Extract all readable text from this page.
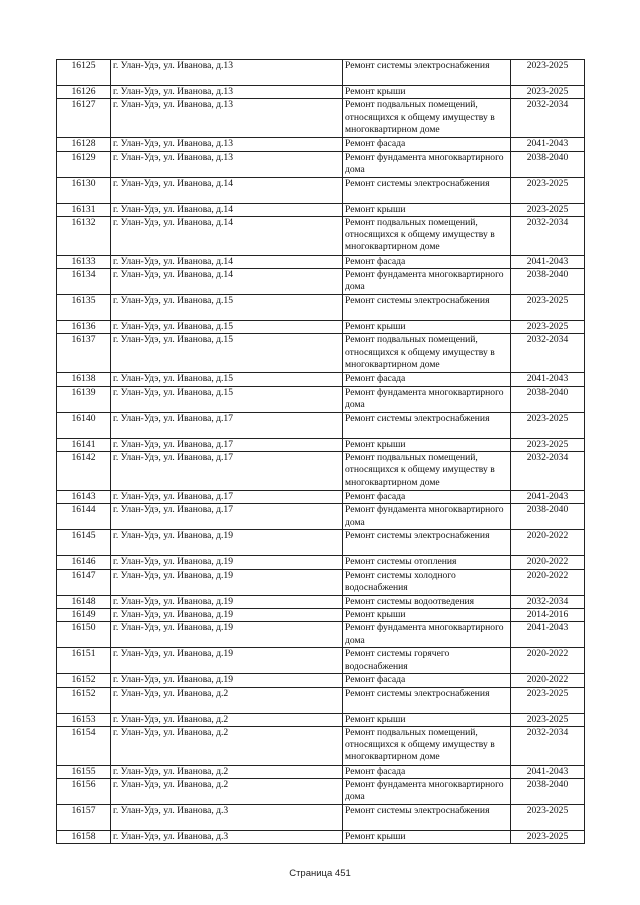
16125	г. Улан-Удэ, ул. Иванова, д.13	Ремонт системы электроснабжения	2023-2025
16126	г. Улан-Удэ, ул. Иванова, д.13	Ремонт крыши	2023-2025
16127	г. Улан-Удэ, ул. Иванова, д.13	Ремонт подвальных помещений, относящихся к общему имуществу в многоквартирном доме	2032-2034
16128	г. Улан-Удэ, ул. Иванова, д.13	Ремонт фасада	2041-2043
16129	г. Улан-Удэ, ул. Иванова, д.13	Ремонт фундамента многоквартирного дома	2038-2040
16130	г. Улан-Удэ, ул. Иванова, д.14	Ремонт системы электроснабжения	2023-2025
16131	г. Улан-Удэ, ул. Иванова, д.14	Ремонт крыши	2023-2025
16132	г. Улан-Удэ, ул. Иванова, д.14	Ремонт подвальных помещений, относящихся к общему имуществу в многоквартирном доме	2032-2034
16133	г. Улан-Удэ, ул. Иванова, д.14	Ремонт фасада	2041-2043
16134	г. Улан-Удэ, ул. Иванова, д.14	Ремонт фундамента многоквартирного дома	2038-2040
16135	г. Улан-Удэ, ул. Иванова, д.15	Ремонт системы электроснабжения	2023-2025
16136	г. Улан-Удэ, ул. Иванова, д.15	Ремонт крыши	2023-2025
16137	г. Улан-Удэ, ул. Иванова, д.15	Ремонт подвальных помещений, относящихся к общему имуществу в многоквартирном доме	2032-2034
16138	г. Улан-Удэ, ул. Иванова, д.15	Ремонт фасада	2041-2043
16139	г. Улан-Удэ, ул. Иванова, д.15	Ремонт фундамента многоквартирного дома	2038-2040
16140	г. Улан-Удэ, ул. Иванова, д.17	Ремонт системы электроснабжения	2023-2025
16141	г. Улан-Удэ, ул. Иванова, д.17	Ремонт крыши	2023-2025
16142	г. Улан-Удэ, ул. Иванова, д.17	Ремонт подвальных помещений, относящихся к общему имуществу в многоквартирном доме	2032-2034
16143	г. Улан-Удэ, ул. Иванова, д.17	Ремонт фасада	2041-2043
16144	г. Улан-Удэ, ул. Иванова, д.17	Ремонт фундамента многоквартирного дома	2038-2040
16145	г. Улан-Удэ, ул. Иванова, д.19	Ремонт системы электроснабжения	2020-2022
16146	г. Улан-Удэ, ул. Иванова, д.19	Ремонт системы отопления	2020-2022
16147	г. Улан-Удэ, ул. Иванова, д.19	Ремонт системы холодного водоснабжения	2020-2022
16148	г. Улан-Удэ, ул. Иванова, д.19	Ремонт системы водоотведения	2032-2034
16149	г. Улан-Удэ, ул. Иванова, д.19	Ремонт крыши	2014-2016
16150	г. Улан-Удэ, ул. Иванова, д.19	Ремонт фундамента многоквартирного дома	2041-2043
16151	г. Улан-Удэ, ул. Иванова, д.19	Ремонт системы горячего водоснабжения	2020-2022
16152	г. Улан-Удэ, ул. Иванова, д.19	Ремонт фасада	2020-2022
16152	г. Улан-Удэ, ул. Иванова, д.2	Ремонт системы электроснабжения	2023-2025
16153	г. Улан-Удэ, ул. Иванова, д.2	Ремонт крыши	2023-2025
16154	г. Улан-Удэ, ул. Иванова, д.2	Ремонт подвальных помещений, относящихся к общему имуществу в многоквартирном доме	2032-2034
16155	г. Улан-Удэ, ул. Иванова, д.2	Ремонт фасада	2041-2043
16156	г. Улан-Удэ, ул. Иванова, д.2	Ремонт фундамента многоквартирного дома	2038-2040
16157	г. Улан-Удэ, ул. Иванова, д.3	Ремонт системы электроснабжения	2023-2025
16158	г. Улан-Удэ, ул. Иванова, д.3	Ремонт крыши	2023-2025
Страница 451
